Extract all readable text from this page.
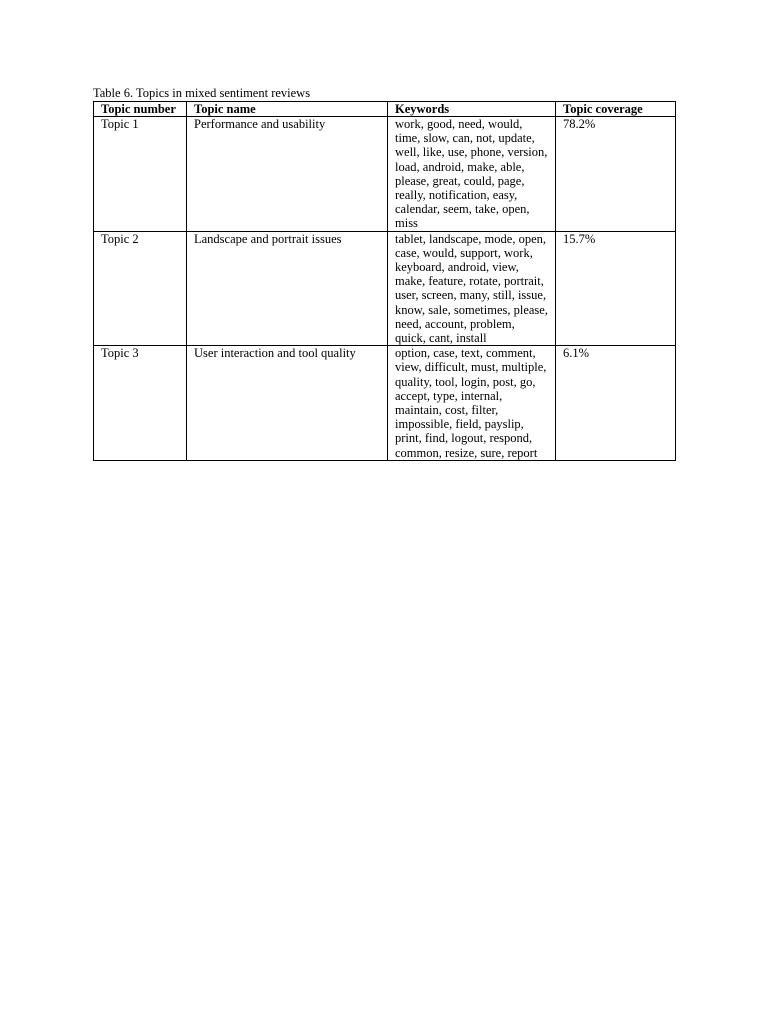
Table 6. Topics in mixed sentiment reviews
Topic number	Topic name	Keywords	Topic coverage
Topic 1	Performance and usability	work, good, need, would, time, slow, can, not, update, well, like, use, phone, version, load, android, make, able, please, great, could, page, really, notification, easy, calendar, seem, take, open, miss	78.2%
Topic 2	Landscape and portrait issues	tablet, landscape, mode, open, case, would, support, work, keyboard, android, view, make, feature, rotate, portrait, user, screen, many, still, issue, know, sale, sometimes, please, need, account, problem, quick, cant, install	15.7%
Topic 3	User interaction and tool quality	option, case, text, comment, view, difficult, must, multiple, quality, tool, login, post, go, accept, type, internal, maintain, cost, filter, impossible, field, payslip, print, find, logout, respond, common, resize, sure, report	6.1%
